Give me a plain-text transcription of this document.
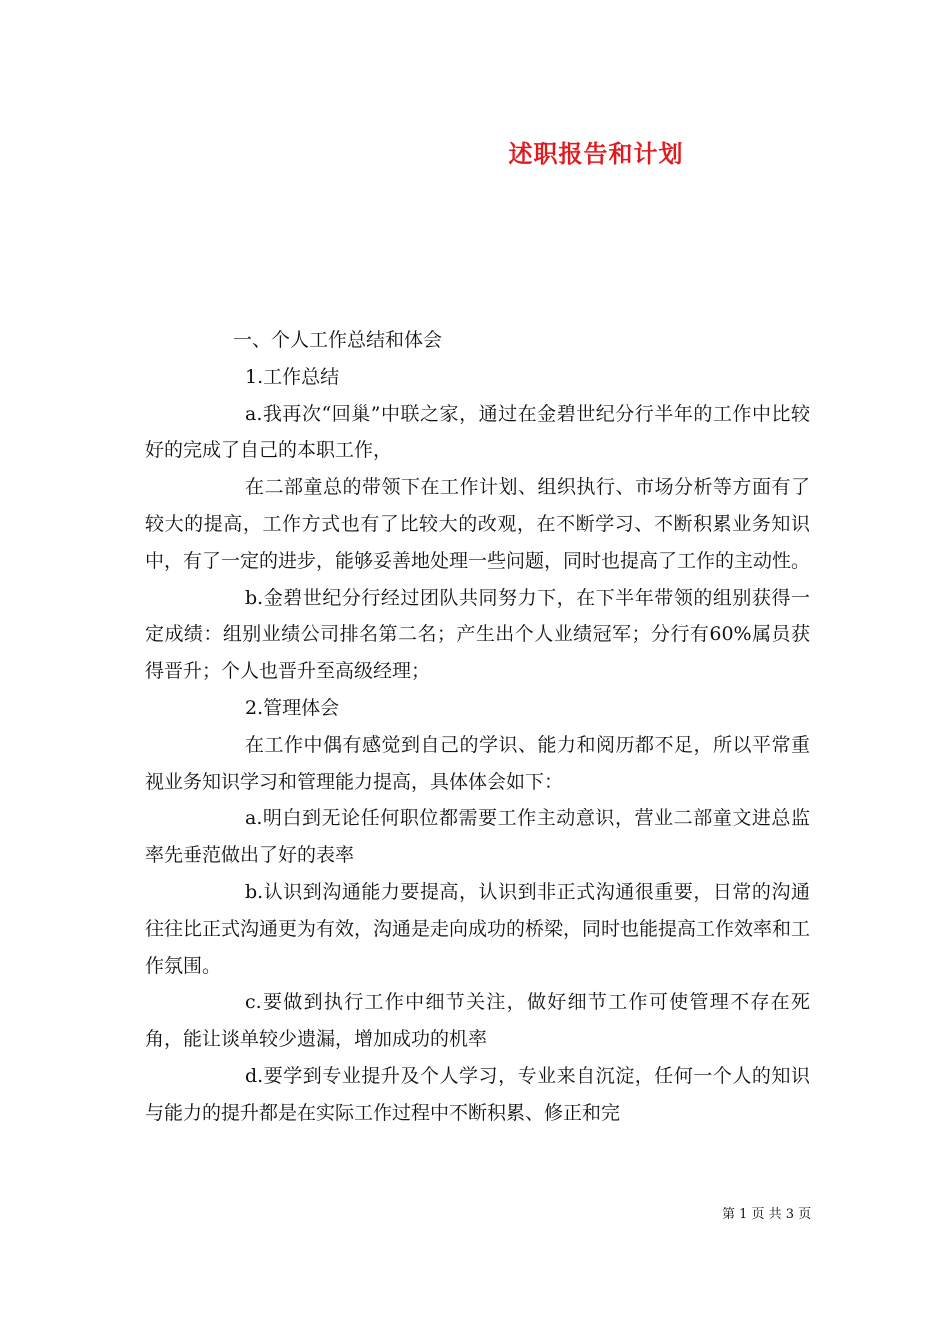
述职报告和计划

一、个人工作总结和体会

1.工作总结

a.我再次“回巢”中联之家，通过在金碧世纪分行半年的工作中比较好的完成了自己的本职工作，

在二部童总的带领下在工作计划、组织执行、市场分析等方面有了较大的提高，工作方式也有了比较大的改观，在不断学习、不断积累业务知识中，有了一定的进步，能够妥善地处理一些问题，同时也提高了工作的主动性。

b.金碧世纪分行经过团队共同努力下，在下半年带领的组别获得一定成绩：组别业绩公司排名第二名；产生出个人业绩冠军；分行有60%属员获得晋升；个人也晋升至高级经理；

2.管理体会

在工作中偶有感觉到自己的学识、能力和阅历都不足，所以平常重视业务知识学习和管理能力提高，具体体会如下：

a.明白到无论任何职位都需要工作主动意识，营业二部童文进总监率先垂范做出了好的表率

b.认识到沟通能力要提高，认识到非正式沟通很重要，日常的沟通往往比正式沟通更为有效，沟通是走向成功的桥梁，同时也能提高工作效率和工作氛围。

c.要做到执行工作中细节关注，做好细节工作可使管理不存在死角，能让谈单较少遗漏，增加成功的机率

d.要学到专业提升及个人学习，专业来自沉淀，任何一个人的知识与能力的提升都是在实际工作过程中不断积累、修正和完

第 1 页 共 3 页
